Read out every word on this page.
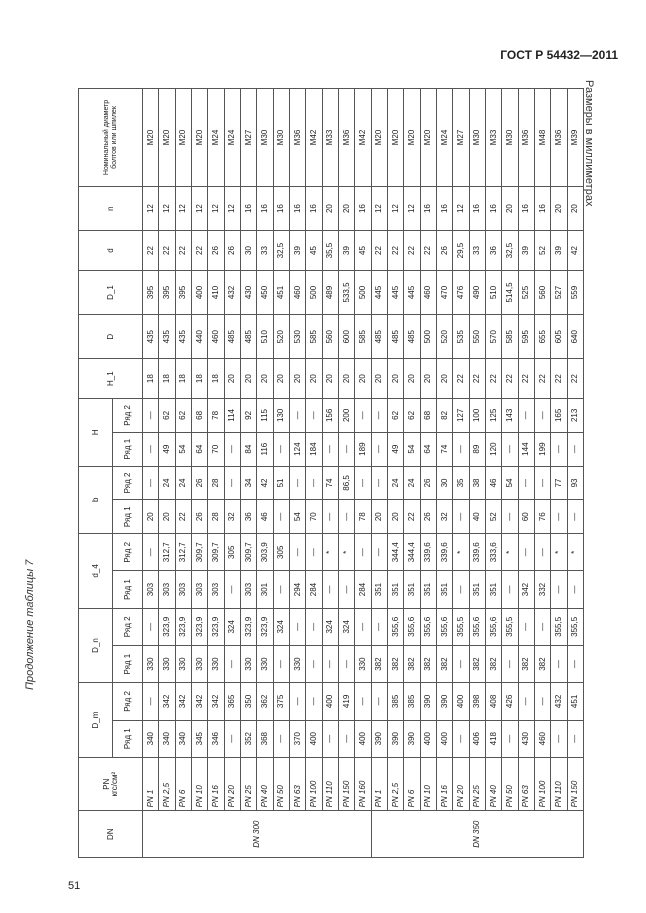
ГОСТ Р 54432—2011
Продолжение таблицы 7
Размеры в миллиметрах
DN	PN
кгс/см²	D_m		D_n		d_4		b		H		H_1	D	D_1	d	n	Номинальный диаметр болтов или шпилек
		Ряд 1	Ряд 2	Ряд 1	Ряд 2	Ряд 1	Ряд 2	Ряд 1	Ряд 2	Ряд 1	Ряд 2						
DN 300	PN 1	340	—	330	—	303	—	20	—	—	—	18	435	395	22	12	M20
	PN 2,5	340	342	330	323,9	303	312,7	20	24	49	62	18	435	395	22	12	M20
	PN 6	340	342	330	323,9	303	312,7	22	24	54	62	18	435	395	22	12	M20
	PN 10	345	342	330	323,9	303	309,7	26	26	64	68	18	440	400	22	12	M20
	PN 16	346	342	330	323,9	303	309,7	28	28	70	78	18	460	410	26	12	M24
	PN 20	—	365	—	324	—	305	32	—	—	114	20	485	432	26	12	M24
	PN 25	352	350	330	323,9	303	309,7	36	34	84	92	20	485	430	30	16	M27
	PN 40	368	362	330	323,9	301	303,9	46	42	116	115	20	510	450	33	16	M30
	PN 50	—	375	—	324	—	305	—	51	—	130	20	520	451	32,5	16	M30
	PN 63	370	—	330	—	294	—	54	—	124	—	20	530	460	39	16	M36
	PN 100	400	—	—	—	284	—	70	—	184	—	20	585	500	45	16	M42
	PN 110	—	400	—	324	—	*	—	74	—	156	20	560	489	35,5	20	M33
	PN 150	—	419	—	324	—	*	—	86,5	—	200	20	600	533,5	39	20	M36
	PN 160	400	—	330	—	284	—	78	—	189	—	20	585	500	45	16	M42
DN 350	PN 1	390	—	382	—	351	—	20	—	—	—	20	485	445	22	12	M20
	PN 2,5	390	385	382	355,6	351	344,4	20	24	49	62	20	485	445	22	12	M20
	PN 6	390	385	382	355,6	351	344,4	22	24	54	62	20	485	445	22	12	M20
	PN 10	400	390	382	355,6	351	339,6	26	26	64	68	20	500	460	22	16	M20
	PN 16	400	390	382	355,6	351	339,6	32	30	74	82	20	520	470	26	16	M24
	PN 20	—	400	—	355,5	—	*	—	35	—	127	22	535	476	29,5	12	M27
	PN 25	406	398	382	355,6	351	339,6	40	38	89	100	22	550	490	33	16	M30
	PN 40	418	408	382	355,6	351	333,6	52	46	120	125	22	570	510	36	16	M33
	PN 50	—	426	—	355,5	—	*	—	54	—	143	22	585	514,5	32,5	20	M30
	PN 63	430	—	382	—	342	—	60	—	144	—	22	595	525	39	16	M36
	PN 100	460	—	382	—	332	—	76	—	199	—	22	655	560	52	16	M48
	PN 110	—	432	—	355,5	—	*	—	77	—	165	22	605	527	39	20	M36
	PN 150	—	451	—	355,5	—	*	—	93	—	213	22	640	559	42	20	M39
51
